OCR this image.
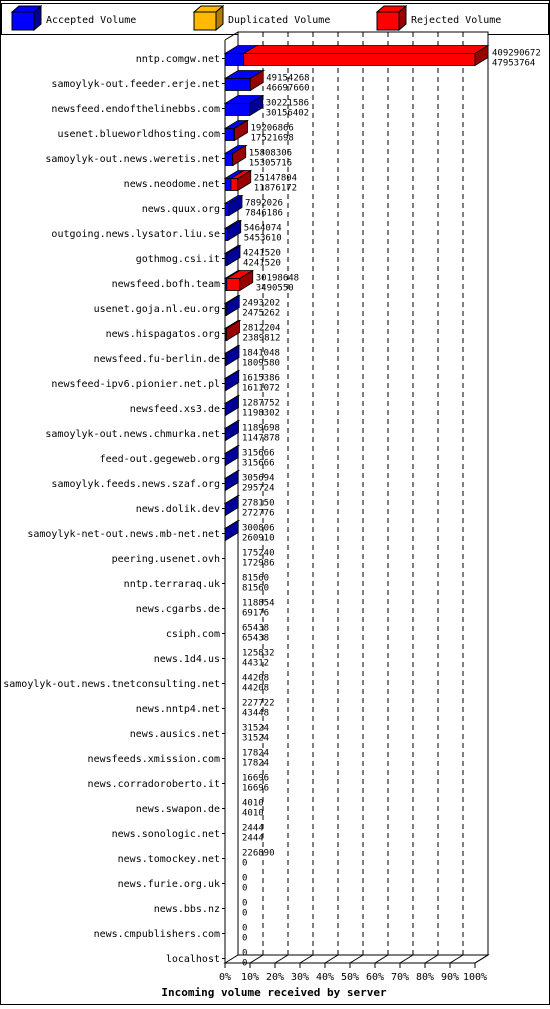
Accepted Volume	Duplicated Volume	Rejected Volume
0% 10% 20% 30% 40% 50% 60% 70% 80% 90% 100%
Incoming volume received by server
nntp.comgw.net
409290672
47953764
samoylyk-out.feeder.erje.net
49154268
46697660
newsfeed.endofthelinebbs.com
30221586
30156402
usenet.blueworldhosting.com
19206866
17521698
samoylyk-out.news.weretis.net
15808306
15305716
news.neodome.net
25147804
11876172
news.quux.org
7892026
7846186
outgoing.news.lysator.liu.se
5464074
5453610
gothmog.csi.it
4241520
4241520
newsfeed.bofh.team
30198648
3490550
usenet.goja.nl.eu.org
2493202
2475262
news.hispagatos.org
2812204
2389812
newsfeed.fu-berlin.de
1841048
1809580
newsfeed-ipv6.pionier.net.pl
1615386
1611072
newsfeed.xs3.de
1287752
1198302
samoylyk-out.news.chmurka.net
1189698
1147878
feed-out.gegeweb.org
315666
315666
samoylyk.feeds.news.szaf.org
305694
295724
news.dolik.dev
278150
272776
samoylyk-net-out.news.mb-net.net
300806
260910
peering.usenet.ovh
175240
172986
nntp.terraraq.uk
81560
81560
news.cgarbs.de
118854
69176
csiph.com
65438
65438
news.1d4.us
125832
44312
samoylyk-out.news.tnetconsulting.net
44208
44208
news.nntp4.net
227722
43448
news.ausics.net
31524
31524
newsfeeds.xmission.com
17824
17824
news.corradoroberto.it
16696
16696
news.swapon.de
4010
4010
news.sonologic.net
2444
2444
news.tomockey.net
226890
0
news.furie.org.uk
0
0
news.bbs.nz
0
0
news.cmpublishers.com
0
0
localhost
0
0
